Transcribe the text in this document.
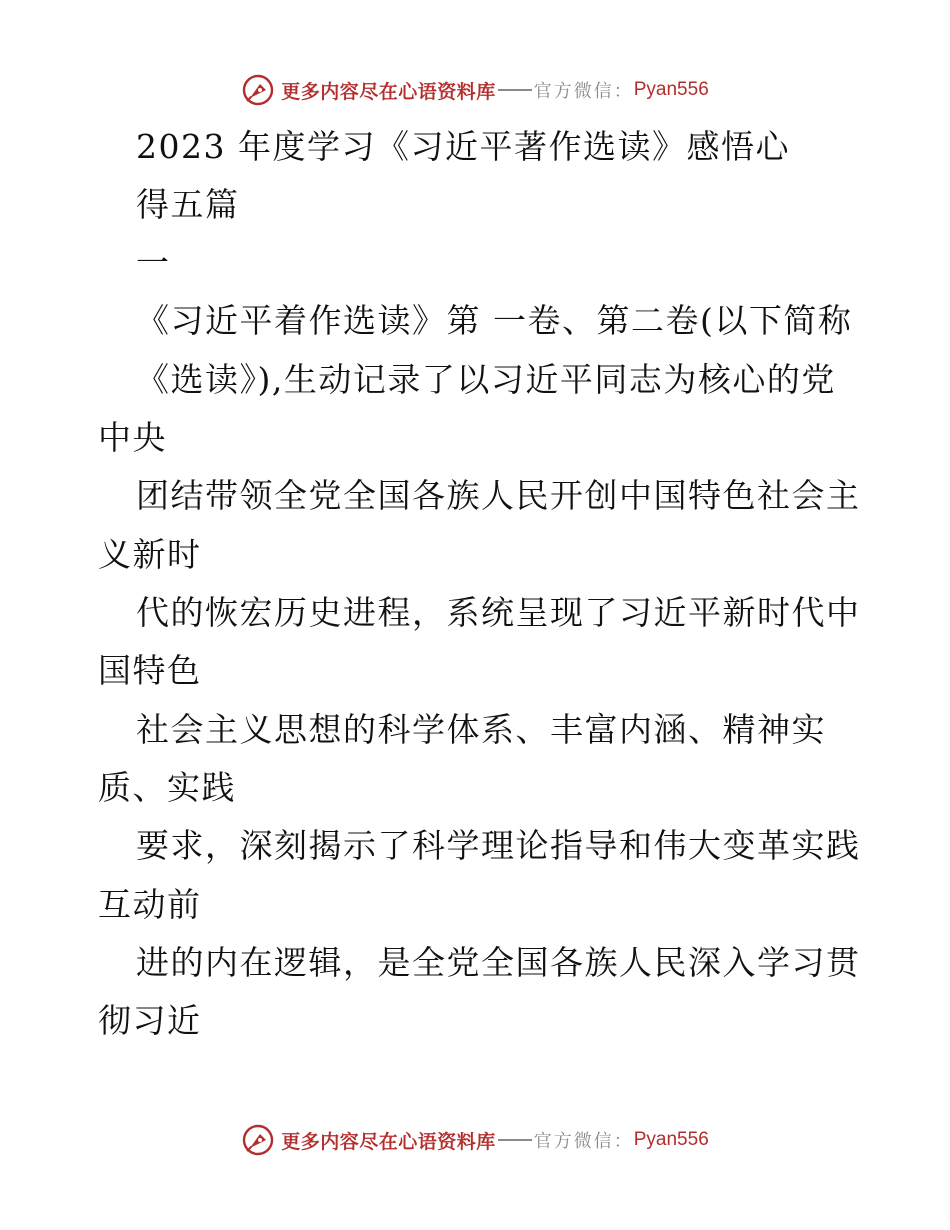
更多内容尽在心语资料库 官方微信： Pyan556
2023 年度学习《习近平著作选读》感悟心
得五篇
一
《习近平着作选读》第 一卷、第二卷(以下简称
《选读》),生动记录了以习近平同志为核心的党
中央
团结带领全党全国各族人民开创中国特色社会主
义新时
代的恢宏历史进程，系统呈现了习近平新时代中
国特色
社会主义思想的科学体系、丰富内涵、精神实
质、实践
要求，深刻揭示了科学理论指导和伟大变革实践
互动前
进的内在逻辑，是全党全国各族人民深入学习贯
彻习近
更多内容尽在心语资料库 官方微信： Pyan556
